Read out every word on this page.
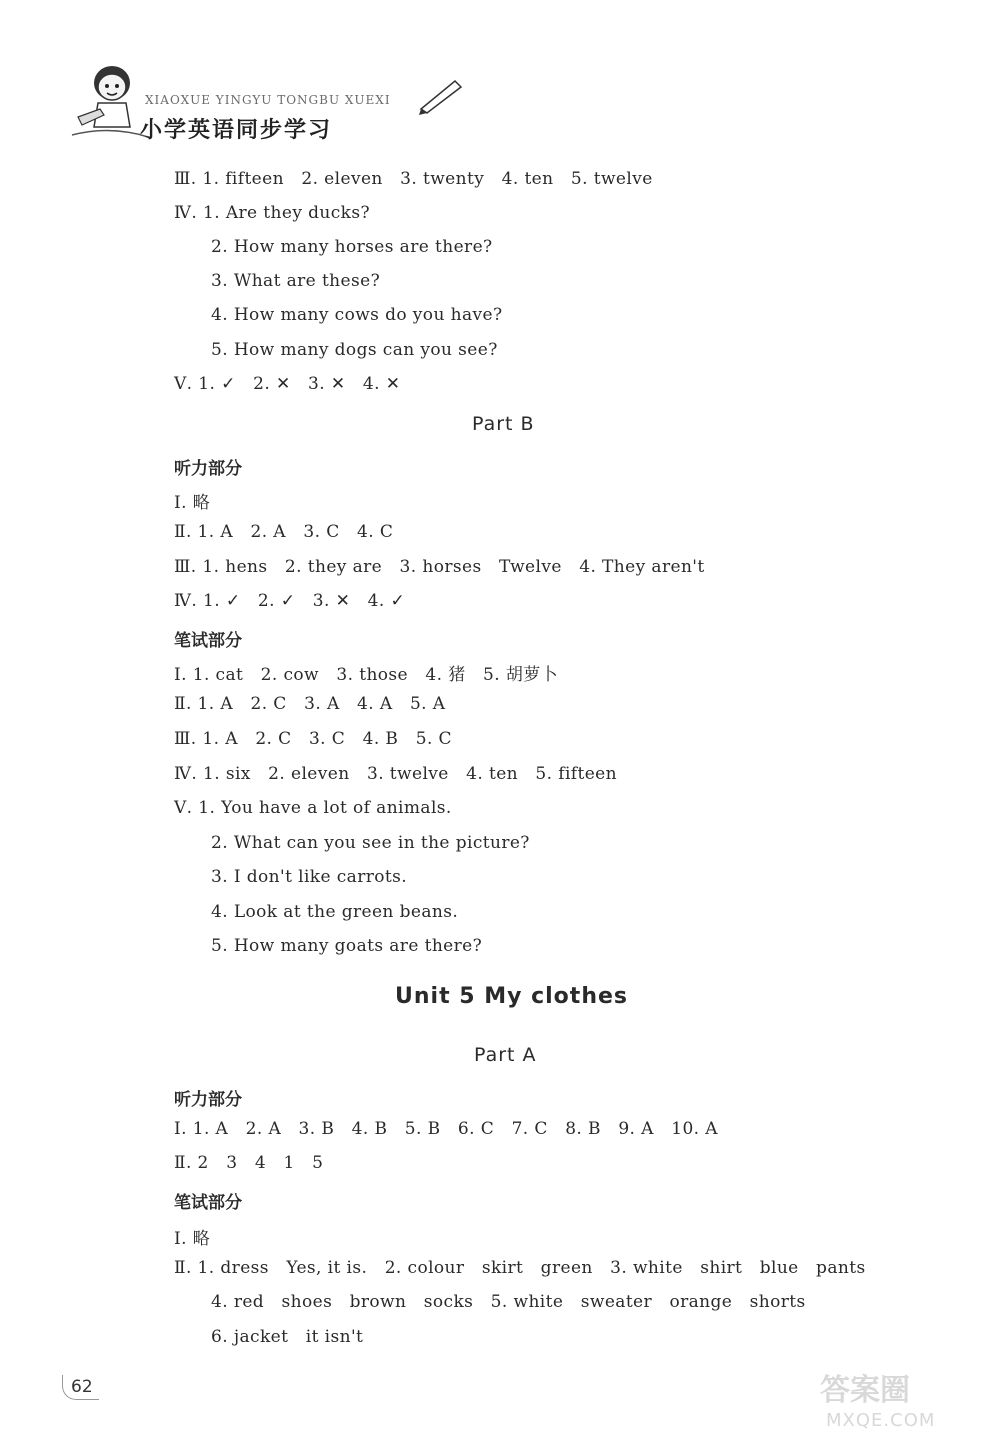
XIAOXUE YINGYU TONGBU XUEXI
小学英语同步学习
Ⅲ. 1. fifteen   2. eleven   3. twenty   4. ten   5. twelve
Ⅳ. 1. Are they ducks?
2. How many horses are there?
3. What are these?
4. How many cows do you have?
5. How many dogs can you see?
Ⅴ. 1. ✓   2. ✕   3. ✕   4. ✕
Part B
听力部分
Ⅰ. 略
Ⅱ. 1. A   2. A   3. C   4. C
Ⅲ. 1. hens   2. they are   3. horses   Twelve   4. They aren't
Ⅳ. 1. ✓   2. ✓   3. ✕   4. ✓
笔试部分
Ⅰ. 1. cat   2. cow   3. those   4. 猪   5. 胡萝卜
Ⅱ. 1. A   2. C   3. A   4. A   5. A
Ⅲ. 1. A   2. C   3. C   4. B   5. C
Ⅳ. 1. six   2. eleven   3. twelve   4. ten   5. fifteen
Ⅴ. 1. You have a lot of animals.
2. What can you see in the picture?
3. I don't like carrots.
4. Look at the green beans.
5. How many goats are there?
Unit 5 My clothes
Part A
听力部分
Ⅰ. 1. A   2. A   3. B   4. B   5. B   6. C   7. C   8. B   9. A   10. A
Ⅱ. 2   3   4   1   5
笔试部分
Ⅰ. 略
Ⅱ. 1. dress   Yes, it is.   2. colour   skirt   green   3. white   shirt   blue   pants
4. red   shoes   brown   socks   5. white   sweater   orange   shorts
6. jacket   it isn't
62	答案圈
MXQE.COM
